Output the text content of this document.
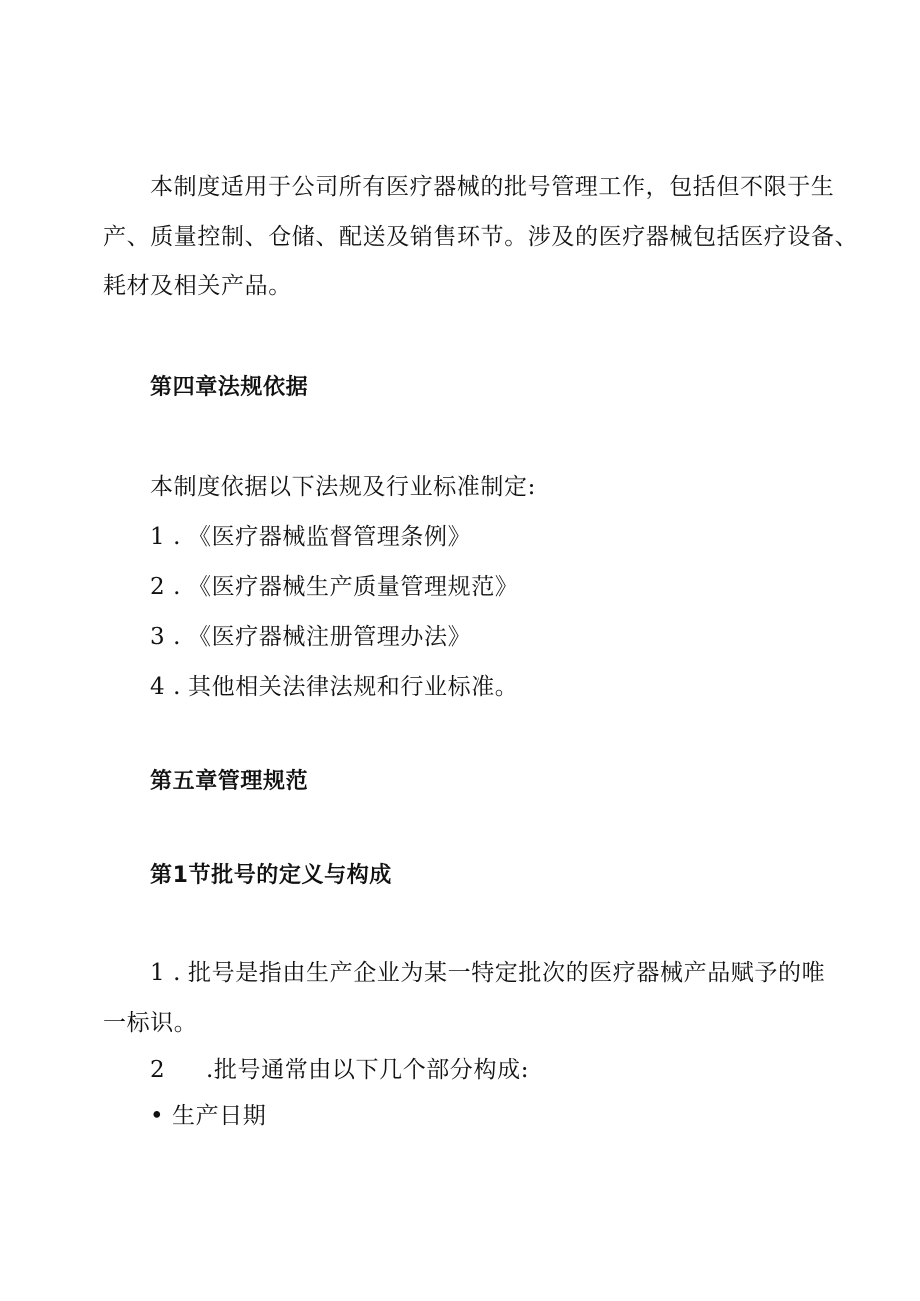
本制度适用于公司所有医疗器械的批号管理工作，包括但不限于生
产、质量控制、仓储、配送及销售环节。涉及的医疗器械包括医疗设备、
耗材及相关产品。
第四章法规依据
本制度依据以下法规及行业标准制定:
1 . 《医疗器械监督管理条例》
2 . 《医疗器械生产质量管理规范》
3 . 《医疗器械注册管理办法》
4 . 其他相关法律法规和行业标准。
第五章管理规范
第1节批号的定义与构成
1 . 批号是指由生产企业为某一特定批次的医疗器械产品赋予的唯
一标识。
2 .批号通常由以下几个部分构成:
• 生产日期
